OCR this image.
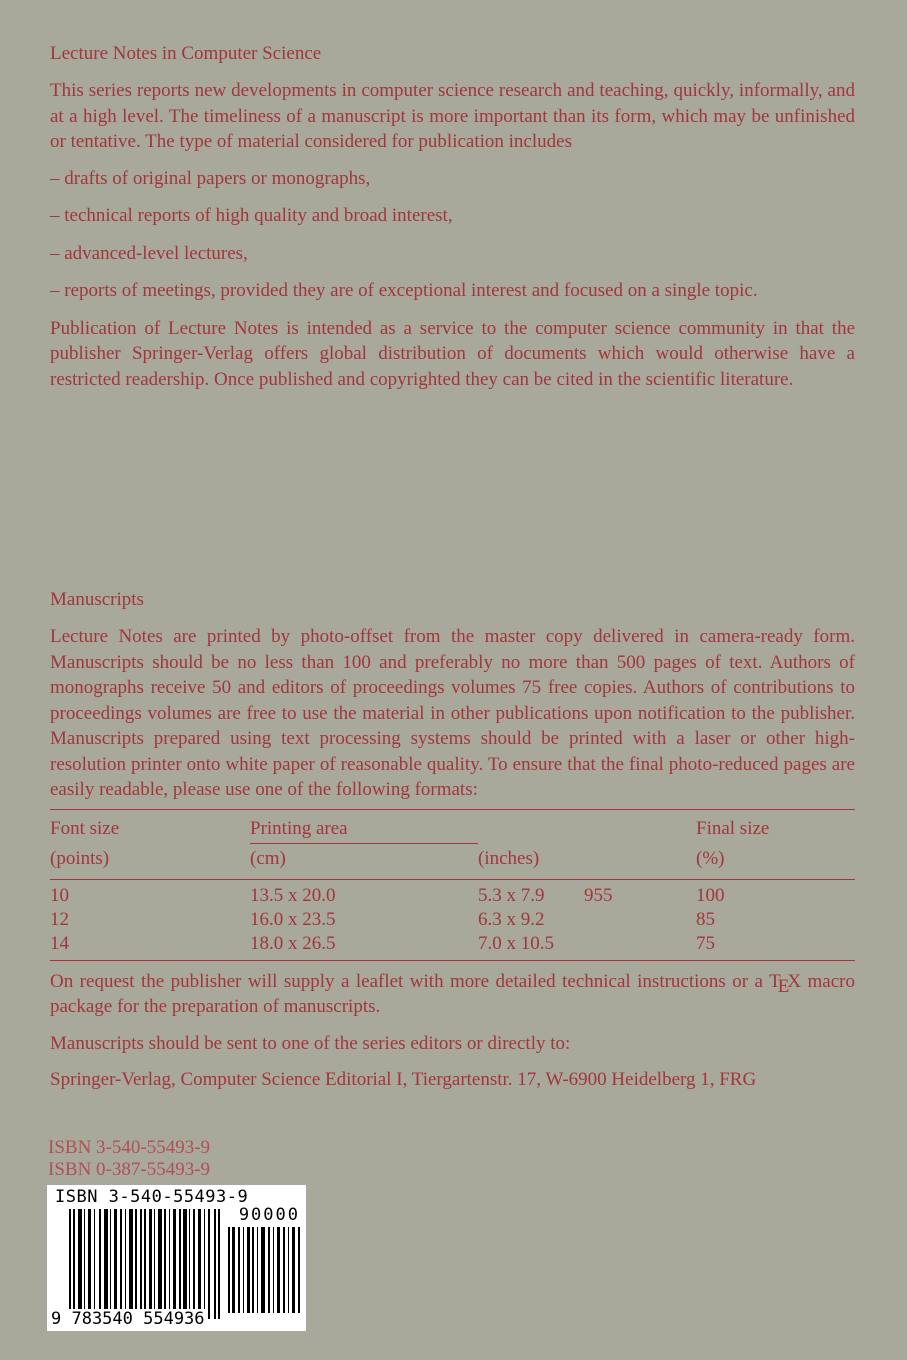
Lecture Notes in Computer Science

This series reports new developments in computer science research and teaching, quickly, informally, and at a high level. The timeliness of a manuscript is more important than its form, which may be unfinished or tentative. The type of material considered for publication includes

– drafts of original papers or monographs,
– technical reports of high quality and broad interest,
– advanced-level lectures,
– reports of meetings, provided they are of exceptional interest and focused on a single topic.

Publication of Lecture Notes is intended as a service to the computer science community in that the publisher Springer-Verlag offers global distribution of documents which would otherwise have a restricted readership. Once published and copyrighted they can be cited in the scientific literature.

Manuscripts

Lecture Notes are printed by photo-offset from the master copy delivered in camera-ready form. Manuscripts should be no less than 100 and preferably no more than 500 pages of text. Authors of monographs receive 50 and editors of proceedings volumes 75 free copies. Authors of contributions to proceedings volumes are free to use the material in other publications upon notification to the publisher. Manuscripts prepared using text processing systems should be printed with a laser or other high-resolution printer onto white paper of reasonable quality. To ensure that the final photo-reduced pages are easily readable, please use one of the following formats:

Font size	Printing area			Final size
(points)	(cm)	(inches)		(%)
10	13.5 x 20.0	5.3 x 7.9	955	100
12	16.0 x 23.5	6.3 x 9.2		85
14	18.0 x 26.5	7.0 x 10.5		75

On request the publisher will supply a leaflet with more detailed technical instructions or a TEX macro package for the preparation of manuscripts.

Manuscripts should be sent to one of the series editors or directly to:

Springer-Verlag, Computer Science Editorial I, Tiergartenstr. 17, W-6900 Heidelberg 1, FRG

ISBN 3-540-55493-9
ISBN 0-387-55493-9
ISBN 3-540-55493-9
90000
9 783540 554936
